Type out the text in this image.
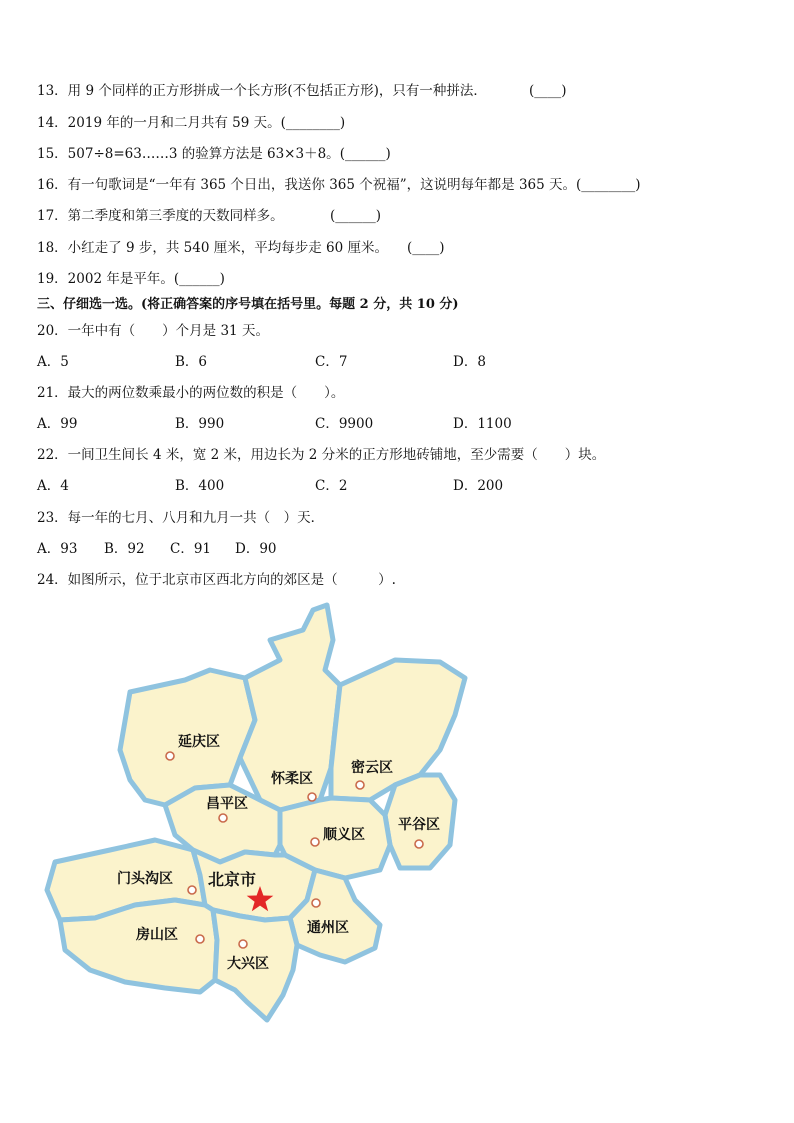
13．用 9 个同样的正方形拼成一个长方形(不包括正方形)，只有一种拼法．	(____)
14．2019 年的一月和二月共有 59 天。(________)
15．507÷8=63……3 的验算方法是 63×3＋8。(______)
16．有一句歌词是“一年有 365 个日出，我送你 365 个祝福”，这说明每年都是 365 天。(________)
17．第二季度和第三季度的天数同样多。	(______)
18．小红走了 9 步，共 540 厘米，平均每步走 60 厘米。 (____)
19．2002 年是平年。(______)
三、仔细选一选。(将正确答案的序号填在括号里。每题 2 分，共 10 分)
20．一年中有（　　）个月是 31 天。
A．5	B．6	C．7	D．8
21．最大的两位数乘最小的两位数的积是（　　）。
A．99	B．990	C．9900	D．1100
22．一间卫生间长 4 米，宽 2 米，用边长为 2 分米的正方形地砖铺地，至少需要（　　）块。
A．4	B．400	C．2	D．200
23．每一年的七月、八月和九月一共（　）天．
A．93 B．92 C．91 D．90
24．如图所示，位于北京市区西北方向的郊区是（　　　）.
延庆区
怀柔区
密云区
昌平区
平谷区
顺义区
门头沟区 北京市
通州区
房山区
大兴区
